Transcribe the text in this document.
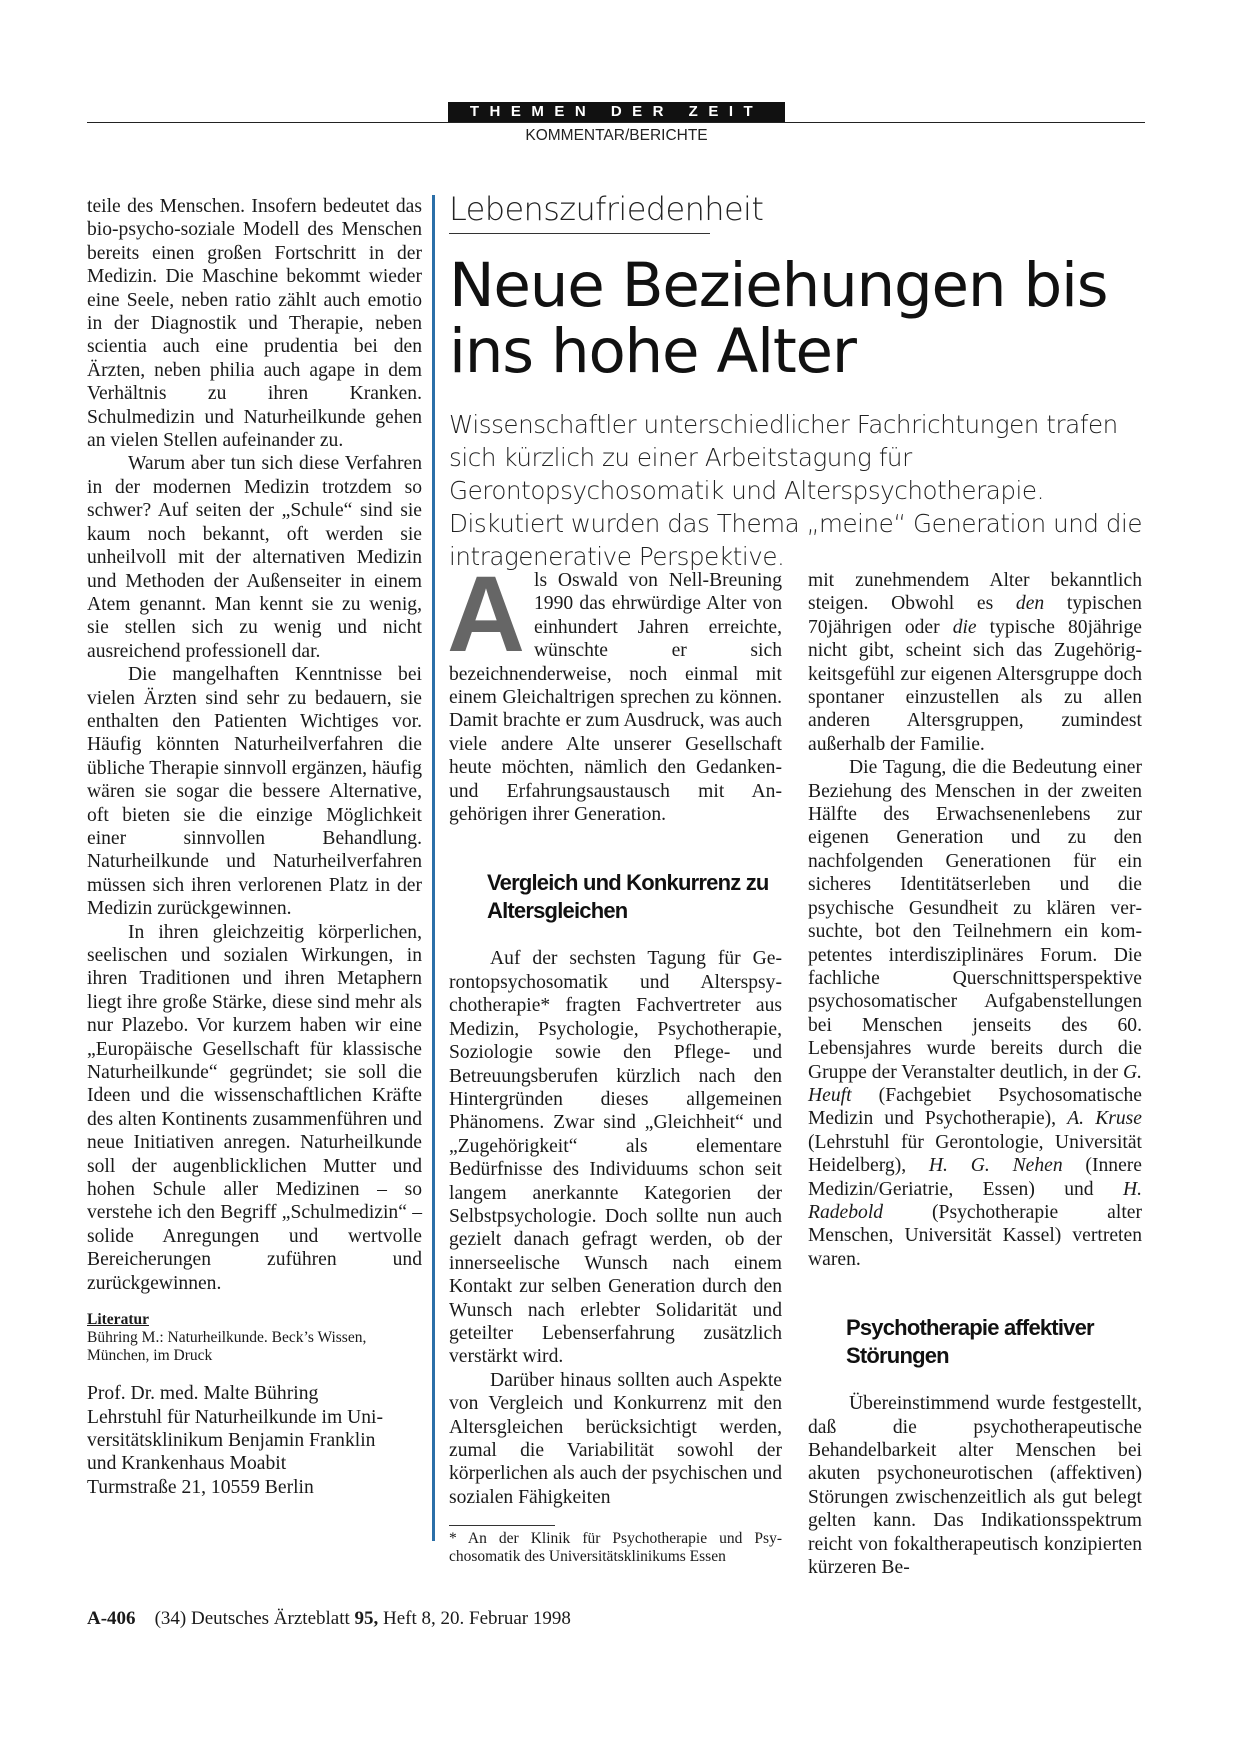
THEMEN DER ZEIT
KOMMENTAR/BERICHTE

teile des Menschen. Insofern bedeutet das bio-psycho-soziale Modell des Menschen bereits einen großen Fortschritt in der Medizin. Die Maschine bekommt wieder eine Seele, neben ratio zählt auch emotio in der Diagnostik und Therapie, neben scientia auch eine prudentia bei den Ärzten, neben philia auch agape in dem Verhältnis zu ihren Kranken. Schulmedizin und Naturheilkunde gehen an vielen Stellen aufeinander zu.

Warum aber tun sich diese Verfahren in der modernen Medizin trotzdem so schwer? Auf seiten der „Schule“ sind sie kaum noch bekannt, oft werden sie unheilvoll mit der alternativen Medizin und Methoden der Außenseiter in einem Atem genannt. Man kennt sie zu wenig, sie stellen sich zu wenig und nicht ausreichend professionell dar.

Die mangelhaften Kenntnisse bei vielen Ärzten sind sehr zu bedauern, sie enthalten den Patienten Wichtiges vor. Häufig könnten Naturheilverfahren die übliche Therapie sinnvoll ergänzen, häufig wären sie sogar die bessere Alternative, oft bieten sie die einzige Möglichkeit einer sinnvollen Behandlung. Naturheilkunde und Naturheilverfahren müssen sich ihren verlorenen Platz in der Medizin zurückgewinnen.

In ihren gleichzeitig körperlichen, seelischen und sozialen Wirkungen, in ihren Traditionen und ihren Metaphern liegt ihre große Stärke, diese sind mehr als nur Plazebo. Vor kurzem haben wir eine „Europäische Gesellschaft für klassische Naturheilkunde“ gegründet; sie soll die Ideen und die wissenschaftlichen Kräfte des alten Kontinents zusammenführen und neue Initiativen anregen. Naturheilkunde soll der augenblicklichen Mutter und hohen Schule aller Medizinen – so verstehe ich den Begriff „Schulmedizin“ – solide Anregungen und wertvolle Bereicherungen zuführen und zurückgewinnen.

Literatur
Bühring M.: Naturheilkunde. Beck’s Wissen, München, im Druck
Prof. Dr. med. Malte Bühring
Lehrstuhl für Naturheilkunde im Universitätsklinikum Benjamin Franklin
und Krankenhaus Moabit
Turmstraße 21, 10559 Berlin
Lebenszufriedenheit
Neue Beziehungen bis ins hohe Alter
Wissenschaftler unterschiedlicher Fachrichtungen trafen sich kürzlich zu einer Arbeitstagung für Gerontopsychosomatik und Alterspsychotherapie. Diskutiert wurden das Thema „meine“ Generation und die intragenerative Perspektive.

Als Oswald von Nell-Breuning 1990 das ehrwürdige Alter von einhundert Jahren erreichte, wünschte er sich bezeichnenderweise, noch einmal mit einem Gleichaltrigen sprechen zu können. Damit brachte er zum Ausdruck, was auch viele andere Alte unserer Gesellschaft heute möchten, nämlich den Gedanken- und Erfahrungsaustausch mit Angehörigen ihrer Generation.

Vergleich und Konkurrenz zu Altersgleichen

Auf der sechsten Tagung für Gerontopsychosomatik und Alterspsychotherapie* fragten Fachvertreter aus Medizin, Psychologie, Psychotherapie, Soziologie sowie den Pflege- und Betreuungsberufen kürzlich nach den Hintergründen dieses allgemeinen Phänomens. Zwar sind „Gleichheit“ und „Zugehörigkeit“ als elementare Bedürfnisse des Individuums schon seit langem anerkannte Kategorien der Selbstpsychologie. Doch sollte nun auch gezielt danach gefragt werden, ob der innerseelische Wunsch nach einem Kontakt zur selben Generation durch den Wunsch nach erlebter Solidarität und geteilter Lebenserfahrung zusätzlich verstärkt wird.

Darüber hinaus sollten auch Aspekte von Vergleich und Konkurrenz mit den Altersgleichen berücksichtigt werden, zumal die Variabilität sowohl der körperlichen als auch der psychischen und sozialen Fähigkeiten

* An der Klinik für Psychotherapie und Psychosomatik des Universitätsklinikums Essen

mit zunehmendem Alter bekanntlich steigen. Obwohl es den typischen 70jährigen oder die typische 80jährige nicht gibt, scheint sich das Zugehörigkeitsgefühl zur eigenen Altersgruppe doch spontaner einzustellen als zu allen anderen Altersgruppen, zumindest außerhalb der Familie.

Die Tagung, die die Bedeutung einer Beziehung des Menschen in der zweiten Hälfte des Erwachsenenlebens zur eigenen Generation und zu den nachfolgenden Generationen für ein sicheres Identitätserleben und die psychische Gesundheit zu klären versuchte, bot den Teilnehmern ein kompetentes interdisziplinäres Forum. Die fachliche Querschnittsperspektive psychosomatischer Aufgabenstellungen bei Menschen jenseits des 60. Lebensjahres wurde bereits durch die Gruppe der Veranstalter deutlich, in der G. Heuft (Fachgebiet Psychosomatische Medizin und Psychotherapie), A. Kruse (Lehrstuhl für Gerontologie, Universität Heidelberg), H. G. Nehen (Innere Medizin/Geriatrie, Essen) und H. Radebold (Psychotherapie alter Menschen, Universität Kassel) vertreten waren.

Psychotherapie affektiver Störungen

Übereinstimmend wurde festgestellt, daß die psychotherapeutische Behandelbarkeit alter Menschen bei akuten psychoneurotischen (affektiven) Störungen zwischenzeitlich als gut belegt gelten kann. Das Indikationsspektrum reicht von fokaltherapeutisch konzipierten kürzeren Be-

A-406 (34) Deutsches Ärzteblatt 95, Heft 8, 20. Februar 1998
